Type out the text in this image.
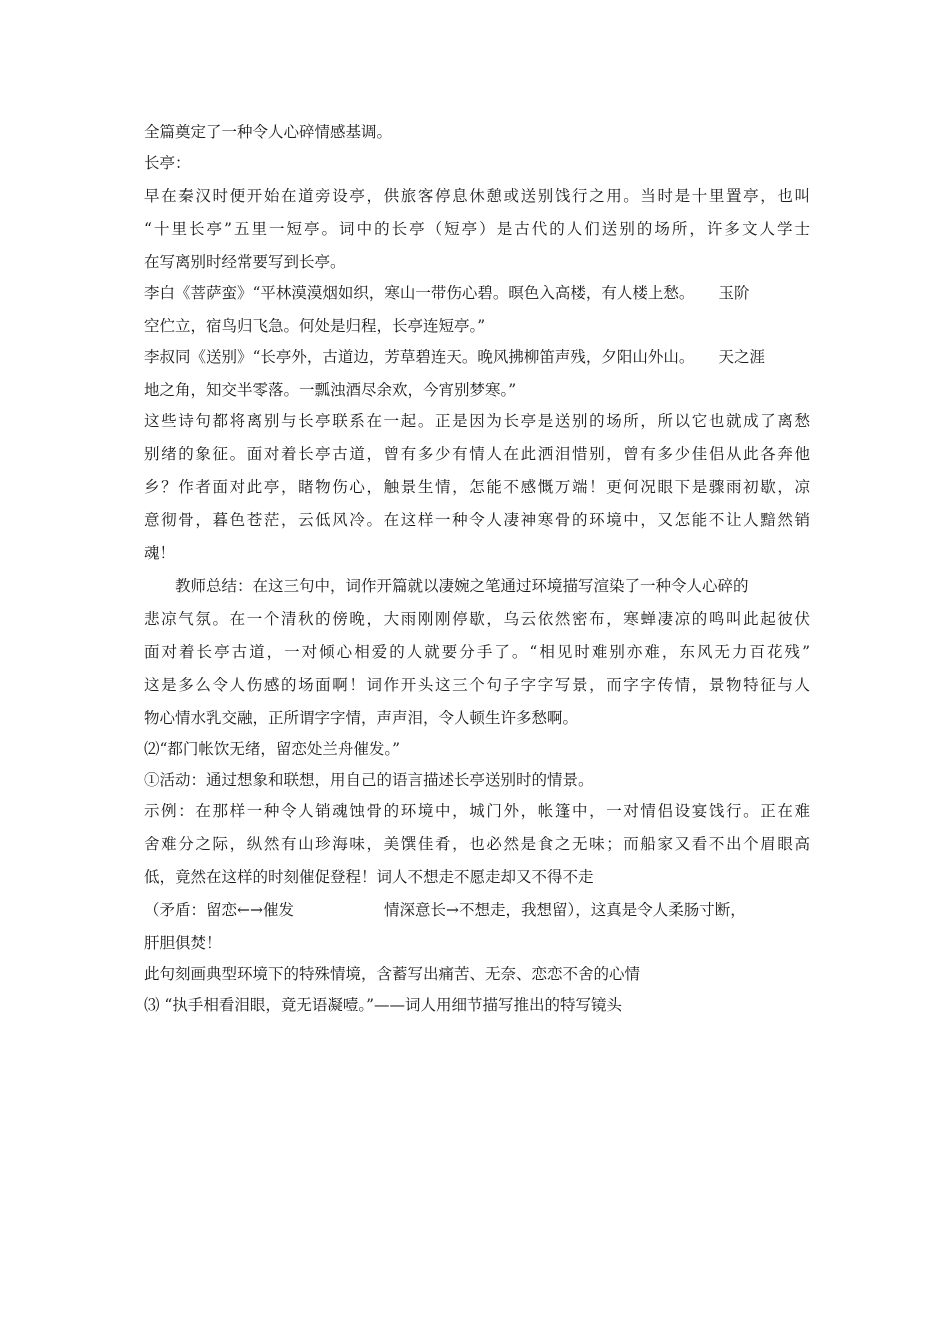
全篇奠定了一种令人心碎情感基调。

长亭：

早在秦汉时便开始在道旁设亭，供旅客停息休憩或送别饯行之用。当时是十里置亭，也叫

“十里长亭”五里一短亭。词中的长亭（短亭）是古代的人们送别的场所，许多文人学士

在写离别时经常要写到长亭。

李白《菩萨蛮》“平林漠漠烟如织，寒山一带伤心碧。暝色入高楼，有人楼上愁。 玉阶

空伫立，宿鸟归飞急。何处是归程，长亭连短亭。”

李叔同《送别》“长亭外，古道边，芳草碧连天。晚风拂柳笛声残，夕阳山外山。 天之涯

地之角，知交半零落。一瓢浊酒尽余欢，今宵别梦寒。”

这些诗句都将离别与长亭联系在一起。正是因为长亭是送别的场所，所以它也就成了离愁

别绪的象征。面对着长亭古道，曾有多少有情人在此洒泪惜别，曾有多少佳侣从此各奔他

乡？作者面对此亭，睹物伤心，触景生情，怎能不感慨万端！更何况眼下是骤雨初歇，凉

意彻骨，暮色苍茫，云低风冷。在这样一种令人凄神寒骨的环境中，又怎能不让人黯然销

魂！

教师总结：在这三句中，词作开篇就以凄婉之笔通过环境描写渲染了一种令人心碎的

悲凉气氛。在一个清秋的傍晚，大雨刚刚停歇，乌云依然密布，寒蝉凄凉的鸣叫此起彼伏

面对着长亭古道，一对倾心相爱的人就要分手了。“相见时难别亦难，东风无力百花残”

这是多么令人伤感的场面啊！词作开头这三个句子字字写景，而字字传情，景物特征与人

物心情水乳交融，正所谓字字情，声声泪，令人顿生许多愁啊。

⑵“都门帐饮无绪，留恋处兰舟催发。”

①活动：通过想象和联想，用自己的语言描述长亭送别时的情景。

示例：在那样一种令人销魂蚀骨的环境中，城门外，帐篷中，一对情侣设宴饯行。正在难

舍难分之际，纵然有山珍海味，美馔佳肴，也必然是食之无味；而船家又看不出个眉眼高

低，竟然在这样的时刻催促登程！词人不想走不愿走却又不得不走

（矛盾：留恋←→催发	情深意长→不想走，我想留），这真是令人柔肠寸断，

肝胆俱焚！

此句刻画典型环境下的特殊情境，含蓄写出痛苦、无奈、恋恋不舍的心情

⑶ “执手相看泪眼，竟无语凝噎。”——词人用细节描写推出的特写镜头
